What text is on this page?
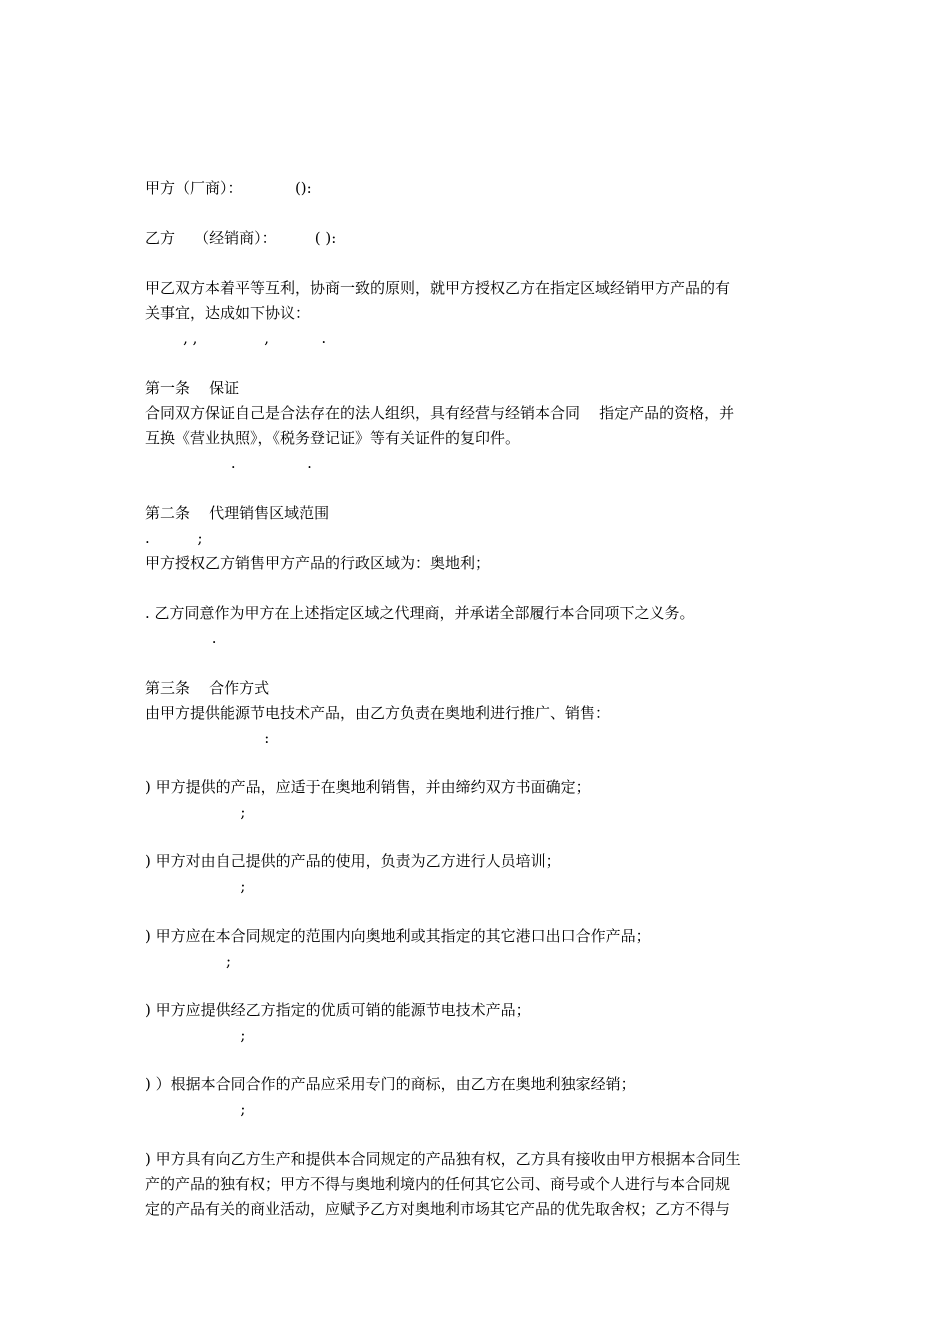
甲方（厂商）：           ():

乙方    （经销商）：        ( ):

甲乙双方本着平等互利，协商一致的原则，就甲方授权乙方在指定区域经销甲方产品的有

关事宜，达成如下协议：

, ,              ,           .

第一条    保证

合同双方保证自己是合法存在的法人组织，具有经营与经销本合同    指定产品的资格，并

互换《营业执照》，《税务登记证》等有关证件的复印件。

.               .

第二条    代理销售区域范围

.          ;

甲方授权乙方销售甲方产品的行政区域为：奥地利；

. 乙方同意作为甲方在上述指定区域之代理商，并承诺全部履行本合同项下之义务。

.

第三条    合作方式

由甲方提供能源节电技术产品，由乙方负责在奥地利进行推广、销售：

:

) 甲方提供的产品，应适于在奥地利销售，并由缔约双方书面确定；

;

) 甲方对由自己提供的产品的使用，负责为乙方进行人员培训；

;

) 甲方应在本合同规定的范围内向奥地利或其指定的其它港口出口合作产品；

;

) 甲方应提供经乙方指定的优质可销的能源节电技术产品；

;

) ）根据本合同合作的产品应采用专门的商标，由乙方在奥地利独家经销；

;

) 甲方具有向乙方生产和提供本合同规定的产品独有权，乙方具有接收由甲方根据本合同生

产的产品的独有权；甲方不得与奥地利境内的任何其它公司、商号或个人进行与本合同规

定的产品有关的商业活动，应赋予乙方对奥地利市场其它产品的优先取舍权；乙方不得与
